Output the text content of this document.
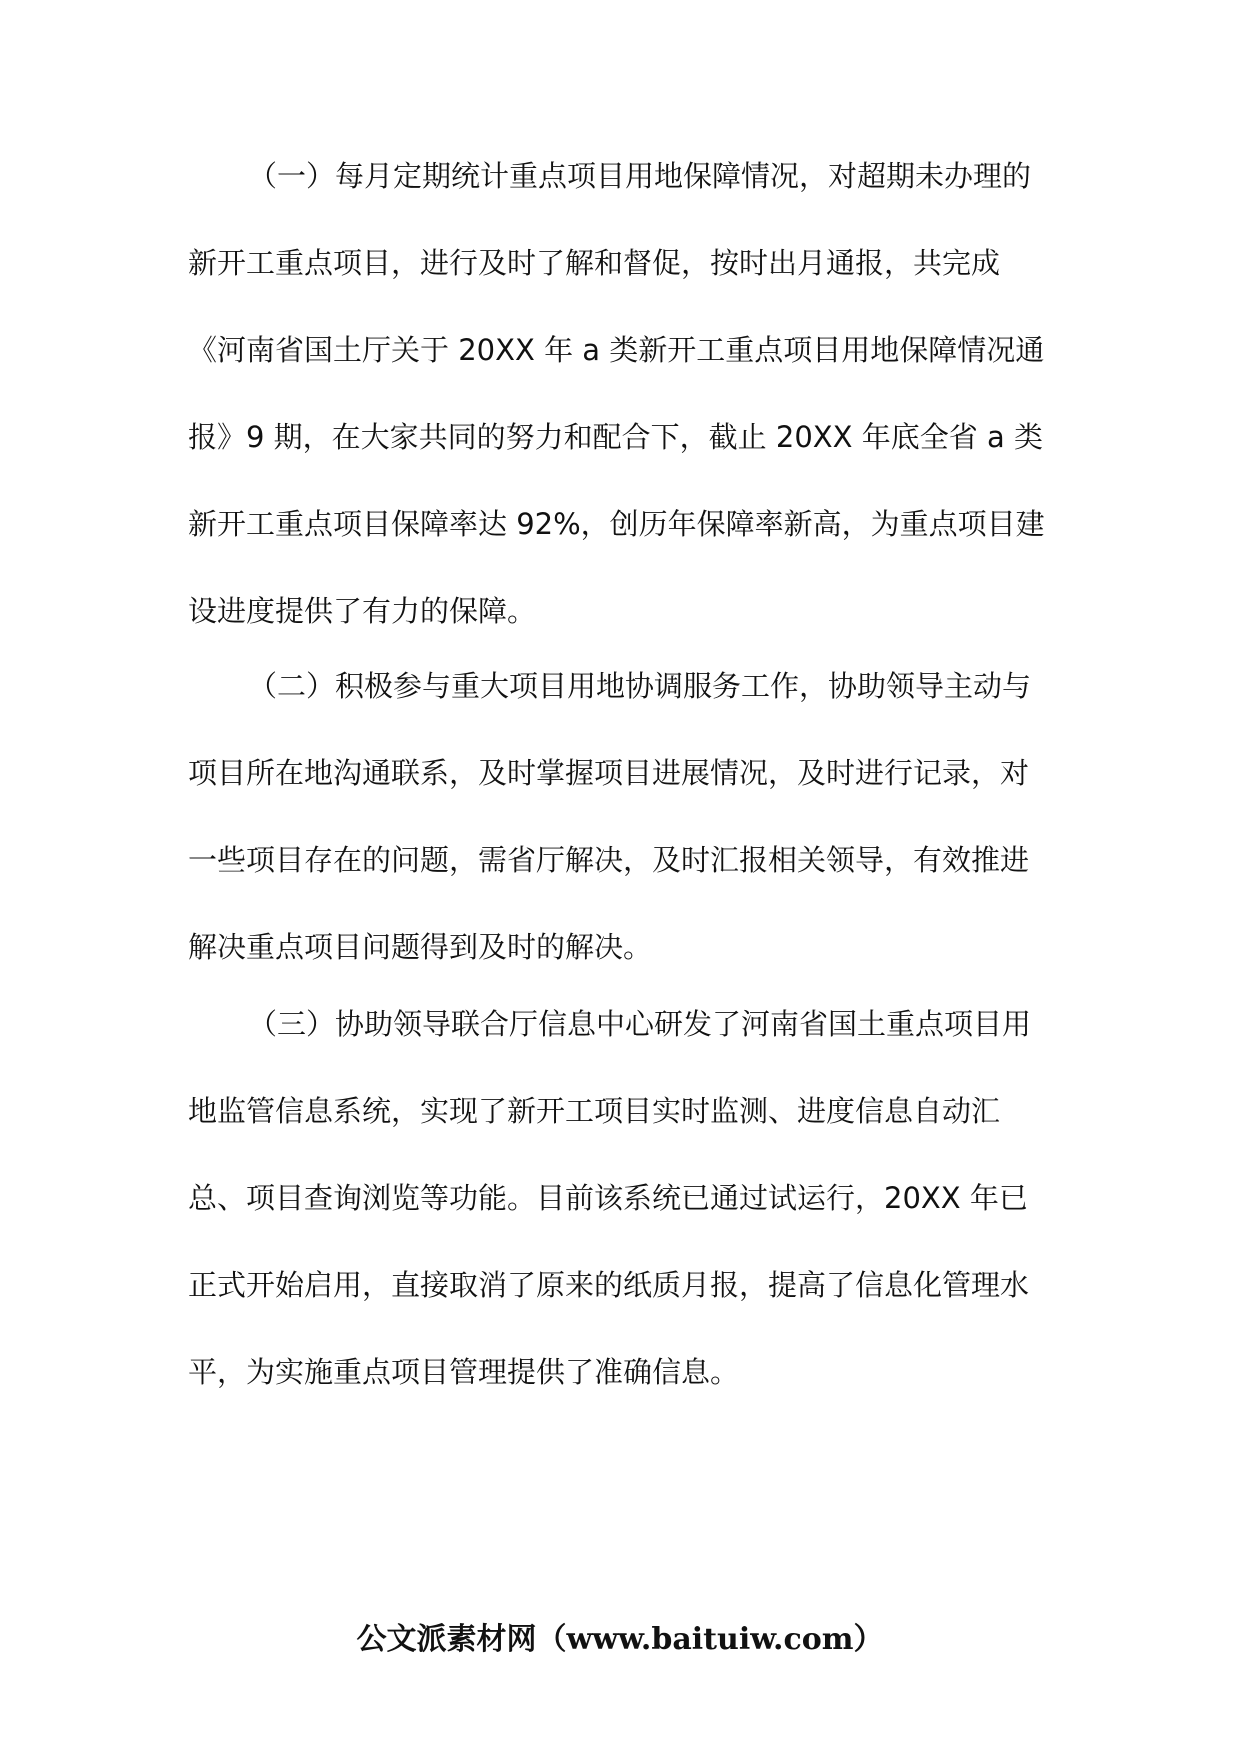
（一）每月定期统计重点项目用地保障情况，对超期未办理的
新开工重点项目，进行及时了解和督促，按时出月通报，共完成
《河南省国土厅关于 20XX 年 a 类新开工重点项目用地保障情况通
报》9 期，在大家共同的努力和配合下，截止 20XX 年底全省 a 类
新开工重点项目保障率达 92%，创历年保障率新高，为重点项目建
设进度提供了有力的保障。
（二）积极参与重大项目用地协调服务工作，协助领导主动与
项目所在地沟通联系，及时掌握项目进展情况，及时进行记录，对
一些项目存在的问题，需省厅解决，及时汇报相关领导，有效推进
解决重点项目问题得到及时的解决。
（三）协助领导联合厅信息中心研发了河南省国土重点项目用
地监管信息系统，实现了新开工项目实时监测、进度信息自动汇
总、项目查询浏览等功能。目前该系统已通过试运行，20XX 年已
正式开始启用，直接取消了原来的纸质月报，提高了信息化管理水
平，为实施重点项目管理提供了准确信息。
公文派素材网（www.baituiw.com）
